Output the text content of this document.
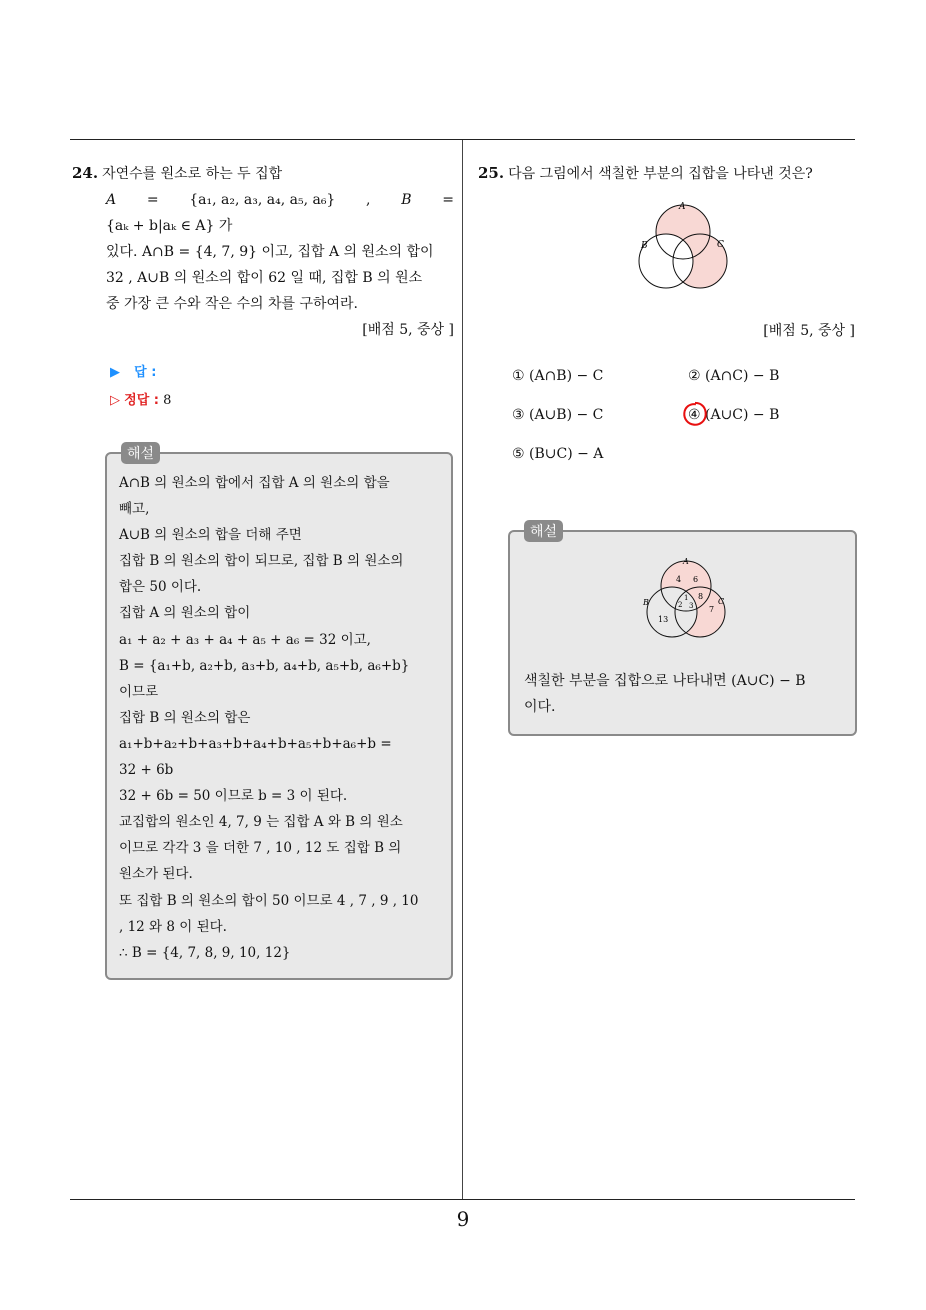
24. 자연수를 원소로 하는 두 집합
A = {a₁, a₂, a₃, a₄, a₅, a₆} , B =
{aₖ + b|aₖ ∈ A} 가
있다. A∩B = {4, 7, 9} 이고, 집합 A 의 원소의 합이
32 , A∪B 의 원소의 합이 62 일 때, 집합 B 의 원소
중 가장 큰 수와 작은 수의 차를 구하여라.
[배점 5, 중상 ]
▶ 답 :
▷ 정답 : 8
해설
A∩B 의 원소의 합에서 집합 A 의 원소의 합을
빼고,
A∪B 의 원소의 합을 더해 주면
집합 B 의 원소의 합이 되므로, 집합 B 의 원소의
합은 50 이다.
집합 A 의 원소의 합이
a₁ + a₂ + a₃ + a₄ + a₅ + a₆ = 32 이고,
B = {a₁+b, a₂+b, a₃+b, a₄+b, a₅+b, a₆+b}
이므로
집합 B 의 원소의 합은
a₁+b+a₂+b+a₃+b+a₄+b+a₅+b+a₆+b =
32 + 6b
32 + 6b = 50 이므로 b = 3 이 된다.
교집합의 원소인 4, 7, 9 는 집합 A 와 B 의 원소
이므로 각각 3 을 더한 7 , 10 , 12 도 집합 B 의
원소가 된다.
또 집합 B 의 원소의 합이 50 이므로 4 , 7 , 9 , 10
, 12 와 8 이 된다.
∴ B = {4, 7, 8, 9, 10, 12}
25. 다음 그림에서 색칠한 부분의 집합을 나타낸 것은?
A
B	C
[배점 5, 중상 ]
① (A∩B) − C	② (A∩C) − B
③ (A∪B) − C	④ (A∪C) − B
⑤ (B∪C) − A
해설
A
B	C
4 6
1 8
2 3 7
13
색칠한 부분을 집합으로 나타내면 (A∪C) − B
이다.
9
